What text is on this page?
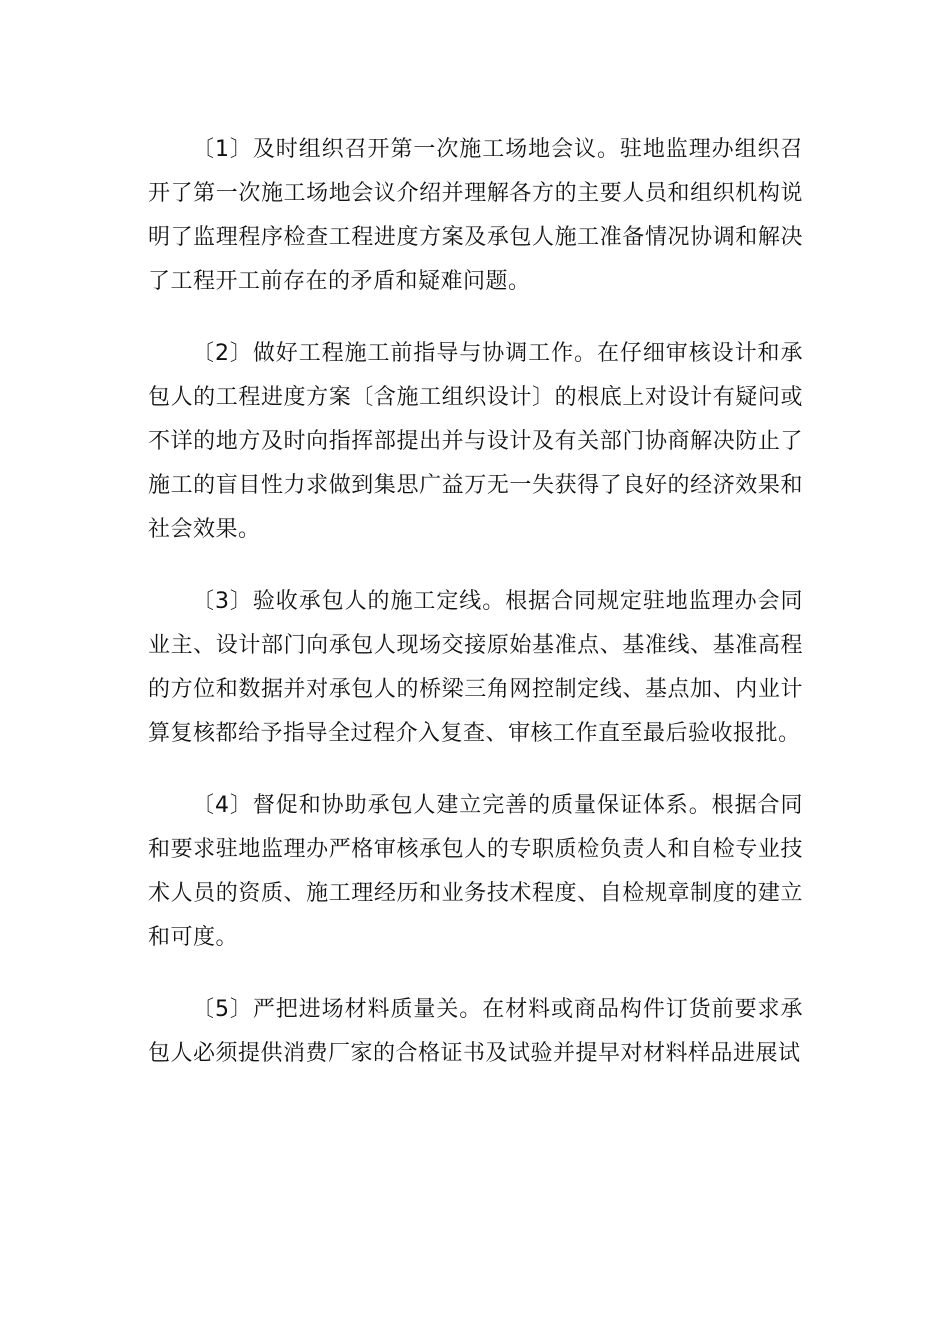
〔1〕及时组织召开第一次施工场地会议。驻地监理办组织召开了第一次施工场地会议介绍并理解各方的主要人员和组织机构说明了监理程序检查工程进度方案及承包人施工准备情况协调和解决了工程开工前存在的矛盾和疑难问题。

〔2〕做好工程施工前指导与协调工作。在仔细审核设计和承包人的工程进度方案〔含施工组织设计〕的根底上对设计有疑问或不详的地方及时向指挥部提出并与设计及有关部门协商解决防止了施工的盲目性力求做到集思广益万无一失获得了良好的经济效果和社会效果。

〔3〕验收承包人的施工定线。根据合同规定驻地监理办会同业主、设计部门向承包人现场交接原始基准点、基准线、基准高程的方位和数据并对承包人的桥梁三角网控制定线、基点加、内业计算复核都给予指导全过程介入复查、审核工作直至最后验收报批。

〔4〕督促和协助承包人建立完善的质量保证体系。根据合同和要求驻地监理办严格审核承包人的专职质检负责人和自检专业技术人员的资质、施工理经历和业务技术程度、自检规章制度的建立和可度。

〔5〕严把进场材料质量关。在材料或商品构件订货前要求承包人必须提供消费厂家的合格证书及试验并提早对材料样品进展试
